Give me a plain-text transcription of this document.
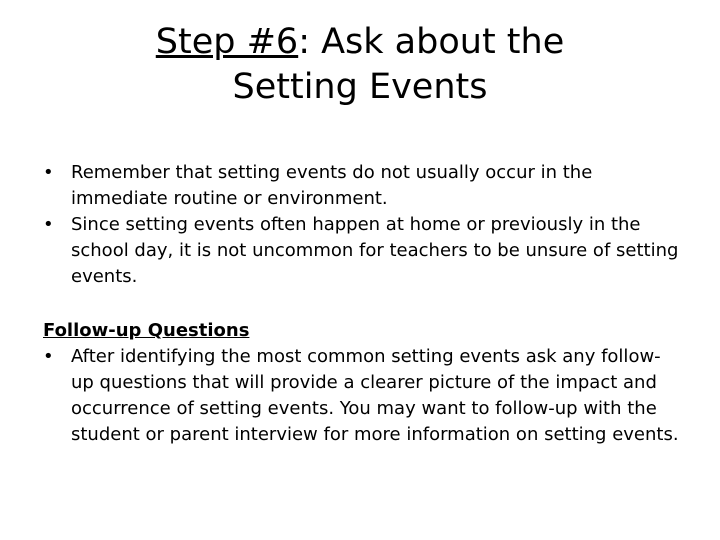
Step #6: Ask about the
Setting Events
• Remember that setting events do not usually occur in the immediate routine or environment.
• Since setting events often happen at home or previously in the school day, it is not uncommon for teachers to be unsure of setting events.
Follow-up Questions
• After identifying the most common setting events ask any follow-up questions that will provide a clearer picture of the impact and occurrence of setting events. You may want to follow-up with the student or parent interview for more information on setting events.
